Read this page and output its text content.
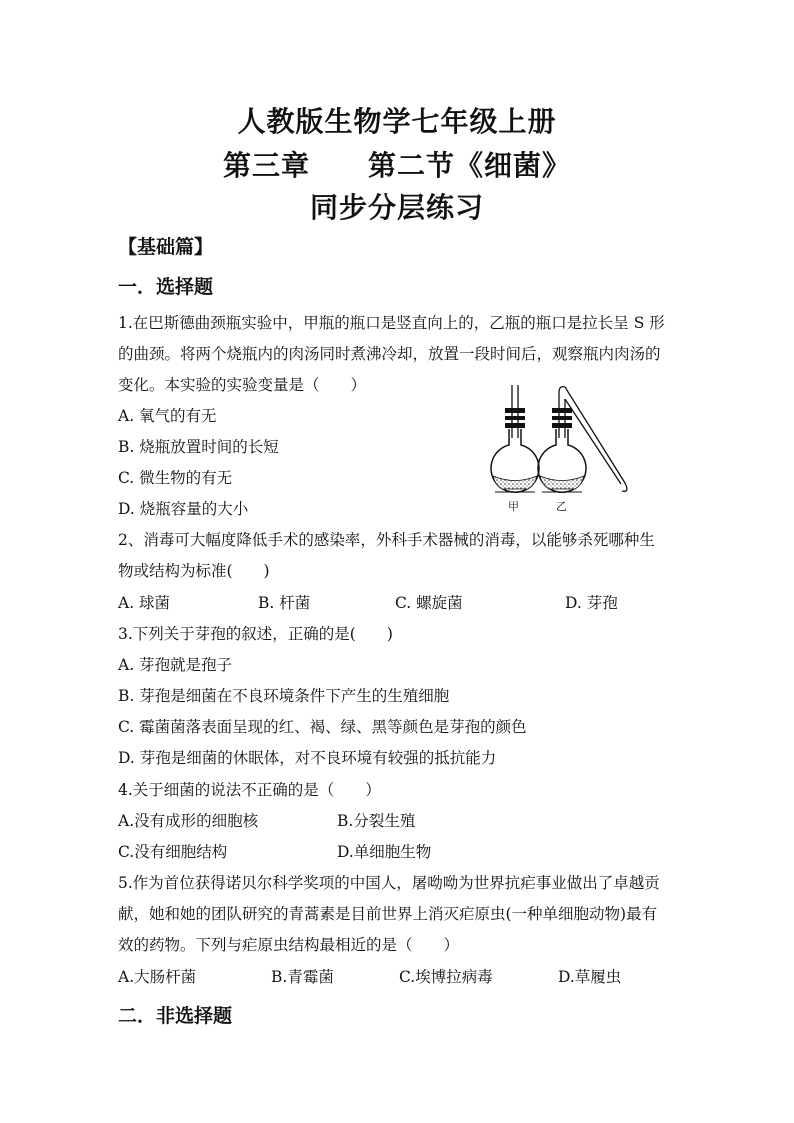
人教版生物学七年级上册
第三章　　第二节《细菌》
同步分层练习
【基础篇】
一．选择题
1.在巴斯德曲颈瓶实验中，甲瓶的瓶口是竖直向上的，乙瓶的瓶口是拉长呈 S 形
的曲颈。将两个烧瓶内的肉汤同时煮沸冷却，放置一段时间后，观察瓶内肉汤的
变化。本实验的实验变量是（　　）
A. 氧气的有无
B. 烧瓶放置时间的长短
C. 微生物的有无
D. 烧瓶容量的大小	甲	乙
2、消毒可大幅度降低手术的感染率，外科手术器械的消毒，以能够杀死哪种生
物或结构为标准(　　)
A. 球菌	B. 杆菌	C. 螺旋菌	D. 芽孢
3.下列关于芽孢的叙述，正确的是(　　)
A. 芽孢就是孢子
B. 芽孢是细菌在不良环境条件下产生的生殖细胞
C. 霉菌菌落表面呈现的红、褐、绿、黑等颜色是芽孢的颜色
D. 芽孢是细菌的休眠体，对不良环境有较强的抵抗能力
4.关于细菌的说法不正确的是（　　）
A.没有成形的细胞核	B.分裂生殖
C.没有细胞结构	D.单细胞生物
5.作为首位获得诺贝尔科学奖项的中国人，屠呦呦为世界抗疟事业做出了卓越贡
献，她和她的团队研究的青蒿素是目前世界上消灭疟原虫(一种单细胞动物)最有
效的药物。下列与疟原虫结构最相近的是（　　）
A.大肠杆菌	B.青霉菌	C.埃博拉病毒	D.草履虫
二．非选择题
